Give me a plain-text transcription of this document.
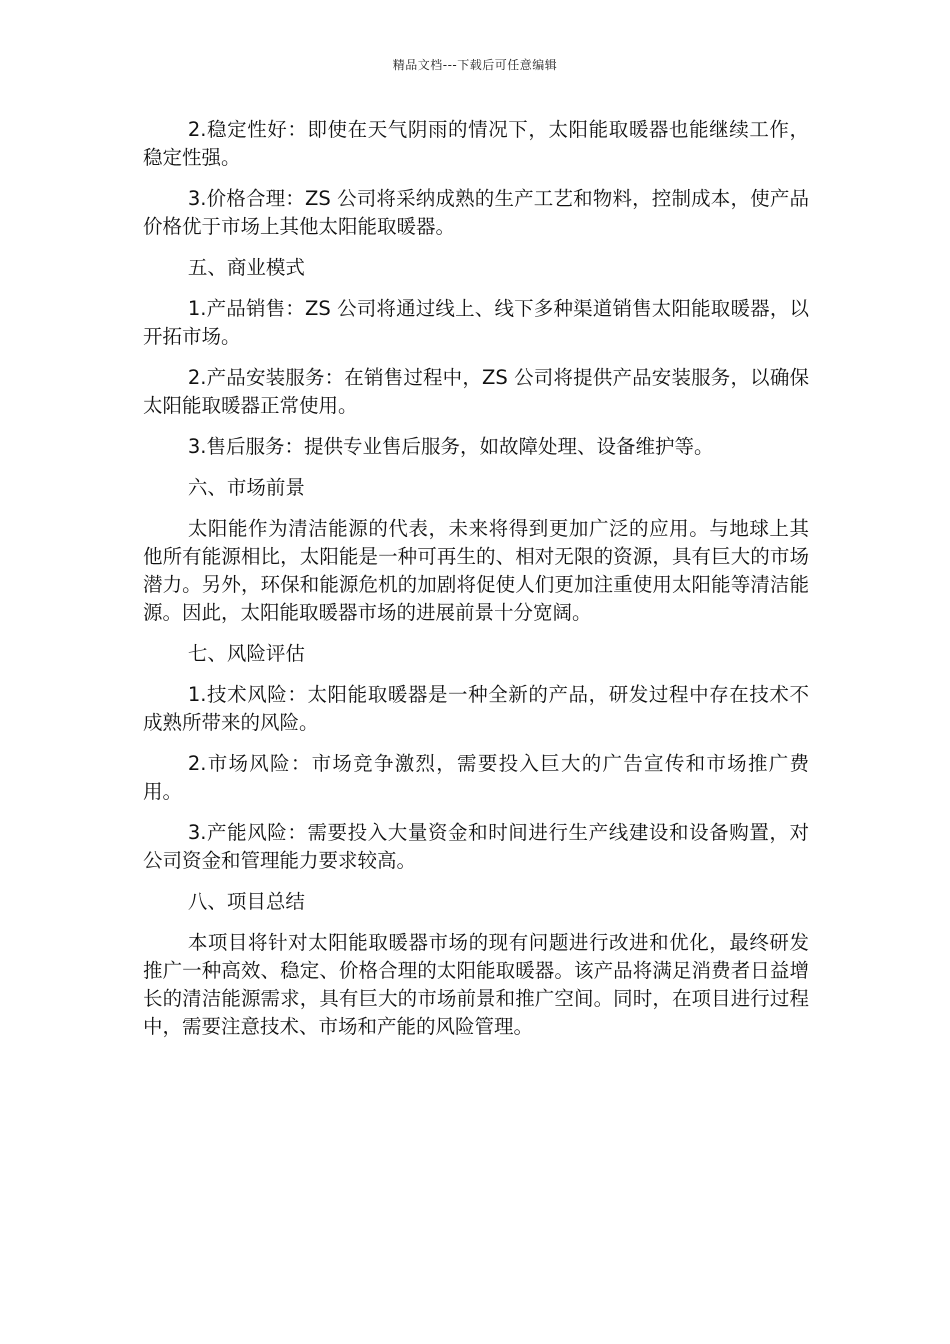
精品文档---下载后可任意编辑

2.稳定性好：即使在天气阴雨的情况下，太阳能取暖器也能继续工作，稳定性强。

3.价格合理：ZS 公司将采纳成熟的生产工艺和物料，控制成本，使产品价格优于市场上其他太阳能取暖器。

五、商业模式

1.产品销售：ZS 公司将通过线上、线下多种渠道销售太阳能取暖器，以开拓市场。

2.产品安装服务：在销售过程中，ZS 公司将提供产品安装服务，以确保太阳能取暖器正常使用。

3.售后服务：提供专业售后服务，如故障处理、设备维护等。

六、市场前景

太阳能作为清洁能源的代表，未来将得到更加广泛的应用。与地球上其他所有能源相比，太阳能是一种可再生的、相对无限的资源，具有巨大的市场潜力。另外，环保和能源危机的加剧将促使人们更加注重使用太阳能等清洁能源。因此，太阳能取暖器市场的进展前景十分宽阔。

七、风险评估

1.技术风险：太阳能取暖器是一种全新的产品，研发过程中存在技术不成熟所带来的风险。

2.市场风险：市场竞争激烈，需要投入巨大的广告宣传和市场推广费用。

3.产能风险：需要投入大量资金和时间进行生产线建设和设备购置，对公司资金和管理能力要求较高。

八、项目总结

本项目将针对太阳能取暖器市场的现有问题进行改进和优化，最终研发推广一种高效、稳定、价格合理的太阳能取暖器。该产品将满足消费者日益增长的清洁能源需求，具有巨大的市场前景和推广空间。同时，在项目进行过程中，需要注意技术、市场和产能的风险管理。
